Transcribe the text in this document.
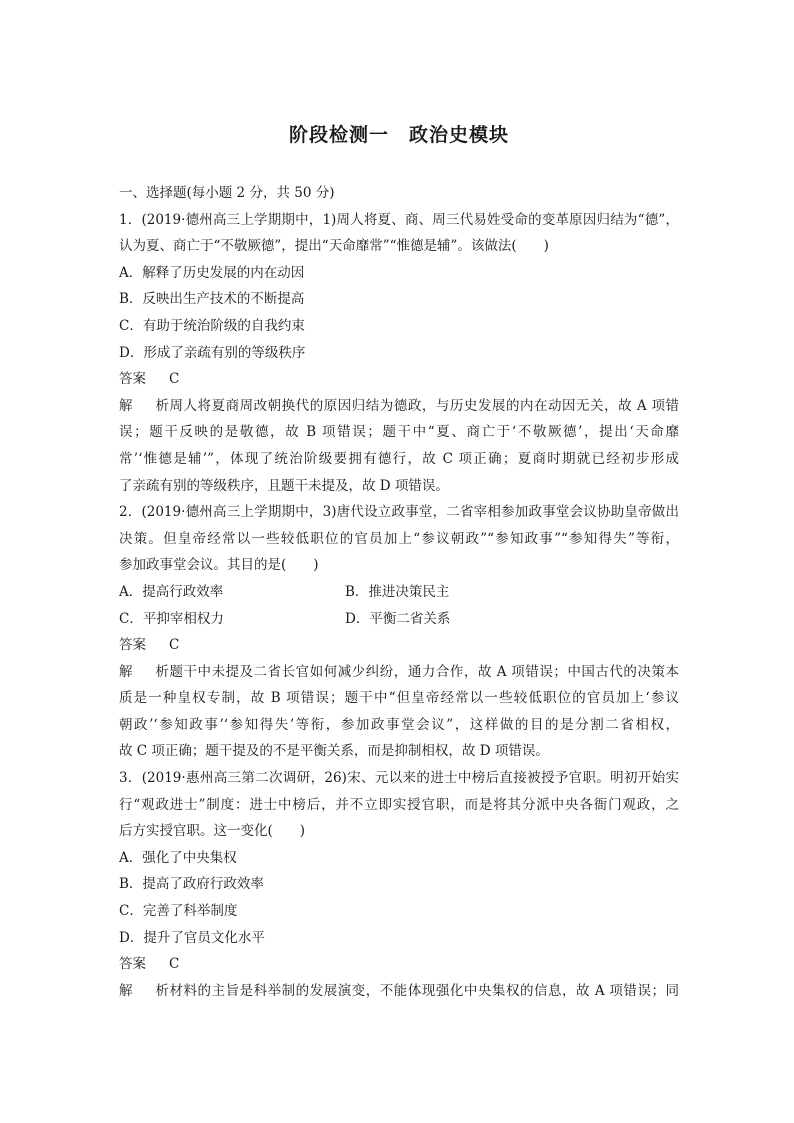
阶段检测一　政治史模块
一、选择题(每小题 2 分，共 50 分)
1．(2019·德州高三上学期期中，1)周人将夏、商、周三代易姓受命的变革原因归结为“德”，
认为夏、商亡于“不敬厥德”，提出“天命靡常”“惟德是辅”。该做法(　　)
A．解释了历史发展的内在动因
B．反映出生产技术的不断提高
C．有助于统治阶级的自我约束
D．形成了亲疏有别的等级秩序
答案 C
解析周人将夏商周改朝换代的原因归结为德政，与历史发展的内在动因无关，故 A 项错
误；题干反映的是敬德，故 B 项错误；题干中“夏、商亡于‘不敬厥德’，提出‘天命靡
常’‘惟德是辅’”，体现了统治阶级要拥有德行，故 C 项正确；夏商时期就已经初步形成
了亲疏有别的等级秩序，且题干未提及，故 D 项错误。
2．(2019·德州高三上学期期中，3)唐代设立政事堂，二省宰相参加政事堂会议协助皇帝做出
决策。但皇帝经常以一些较低职位的官员加上“参议朝政”“参知政事”“参知得失”等衔，
参加政事堂会议。其目的是(　　)
A．提高行政效率	B．推进决策民主
C．平抑宰相权力	D．平衡二省关系
答案 C
解析题干中未提及二省长官如何减少纠纷，通力合作，故 A 项错误；中国古代的决策本
质是一种皇权专制，故 B 项错误；题干中“但皇帝经常以一些较低职位的官员加上‘参议
朝政’‘参知政事’‘参知得失’等衔，参加政事堂会议”，这样做的目的是分割二省相权，
故 C 项正确；题干提及的不是平衡关系，而是抑制相权，故 D 项错误。
3．(2019·惠州高三第二次调研，26)宋、元以来的进士中榜后直接被授予官职。明初开始实
行“观政进士”制度：进士中榜后，并不立即实授官职，而是将其分派中央各衙门观政，之
后方实授官职。这一变化(　　)
A．强化了中央集权
B．提高了政府行政效率
C．完善了科举制度
D．提升了官员文化水平
答案 C
解析材料的主旨是科举制的发展演变，不能体现强化中央集权的信息，故 A 项错误；同
